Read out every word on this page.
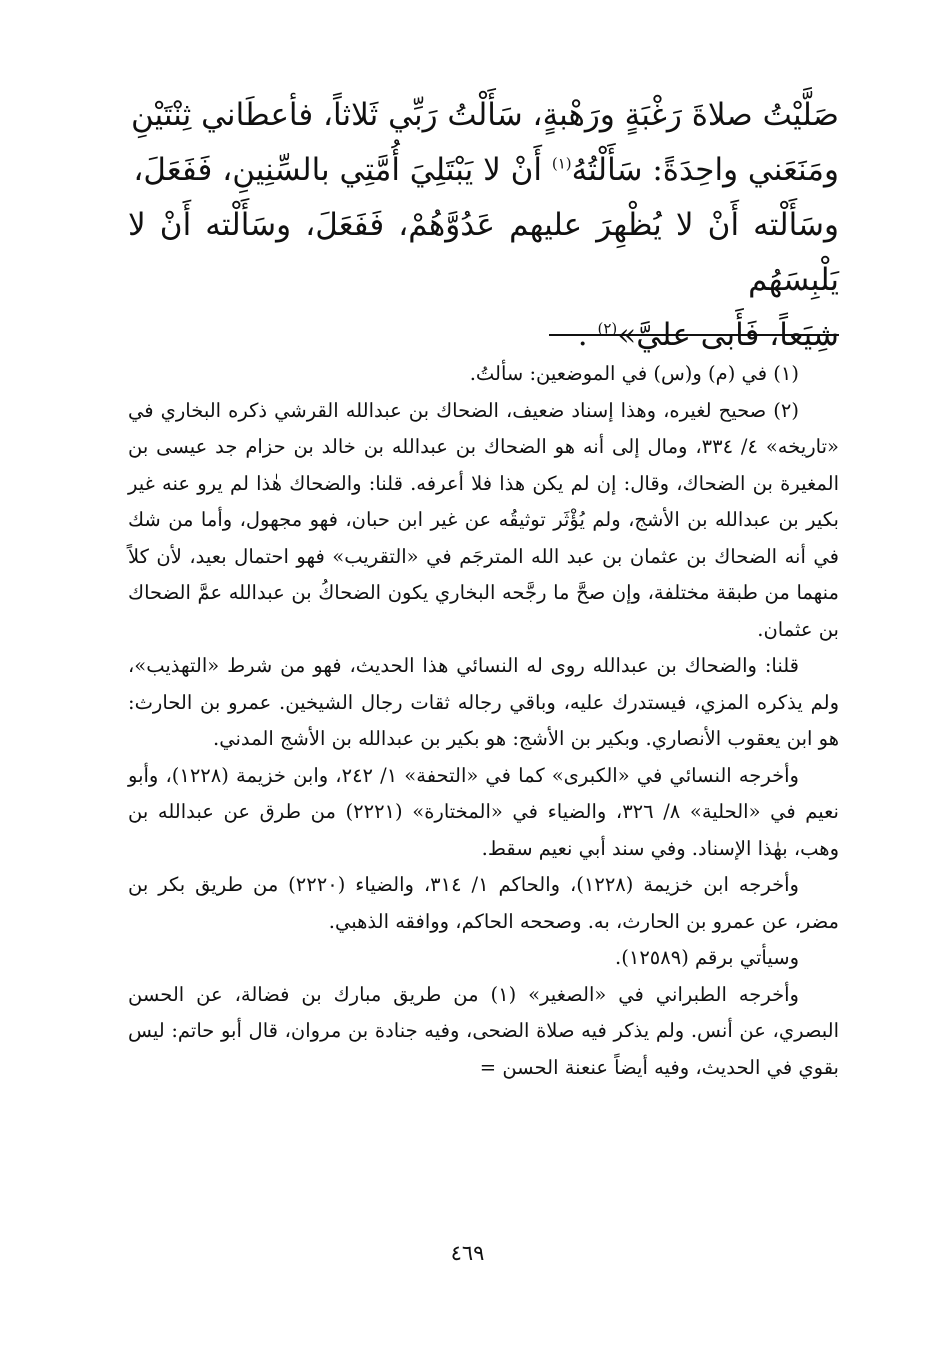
صَلَّيْتُ صلاةَ رَغْبَةٍ ورَهْبةٍ، سَأَلْتُ رَبِّي ثَلاثاً، فأعطَاني ثِنْتَيْنِ

ومَنَعَني واحِدَةً: سَأَلْتُهُ$^{(١)}$ أَنْ لا يَبْتَلِيَ أُمَّتِي بالسِّنِينِ، فَفَعَلَ،

وسَأَلْته أَنْ لا يُظْهِرَ عليهم عَدُوَّهُمْ، فَفَعَلَ، وسَأَلْته أَنْ لا يَلْبِسَهُم

شِيَعاً، فَأَبى عليَّ»$^{(٢)}$ .

(١) في (م) و(س) في الموضعين: سألتُ.

(٢) صحيح لغيره، وهذا إسناد ضعيف، الضحاك بن عبدالله القرشي ذكره البخاري في «تاريخه» ٤/ ٣٣٤، ومال إلى أنه هو الضحاك بن عبدالله بن خالد بن حزام جد عيسى بن المغيرة بن الضحاك، وقال: إن لم يكن هذا فلا أعرفه. قلنا: والضحاك هٰذا لم يرو عنه غير بكير بن عبدالله بن الأشج، ولم يُؤْثَر توثيقُه عن غير ابن حبان، فهو مجهول، وأما من شك في أنه الضحاك بن عثمان بن عبد الله المترجَم في «التقريب» فهو احتمال بعيد، لأن كلاً منهما من طبقة مختلفة، وإن صحَّ ما رجَّحه البخاري يكون الضحاكُ بن عبدالله عمَّ الضحاك بن عثمان.

قلنا: والضحاك بن عبدالله روى له النسائي هذا الحديث، فهو من شرط «التهذيب»، ولم يذكره المزي، فيستدرك عليه، وباقي رجاله ثقات رجال الشيخين. عمرو بن الحارث: هو ابن يعقوب الأنصاري. وبكير بن الأشج: هو بكير بن عبدالله بن الأشج المدني.

وأخرجه النسائي في «الكبرى» كما في «التحفة» ١/ ٢٤٢، وابن خزيمة (١٢٢٨)، وأبو نعيم في «الحلية» ٨/ ٣٢٦، والضياء في «المختارة» (٢٢٢١) من طرق عن عبدالله بن وهب، بهٰذا الإسناد. وفي سند أبي نعيم سقط.

وأخرجه ابن خزيمة (١٢٢٨)، والحاكم ١/ ٣١٤، والضياء (٢٢٢٠) من طريق بكر بن مضر، عن عمرو بن الحارث، به. وصححه الحاكم، ووافقه الذهبي.

وسيأتي برقم (١٢٥٨٩).

وأخرجه الطبراني في «الصغير» (١) من طريق مبارك بن فضالة، عن الحسن البصري، عن أنس. ولم يذكر فيه صلاة الضحى، وفيه جنادة بن مروان، قال أبو حاتم: ليس بقوي في الحديث، وفيه أيضاً عنعنة الحسن =

٤٦٩
